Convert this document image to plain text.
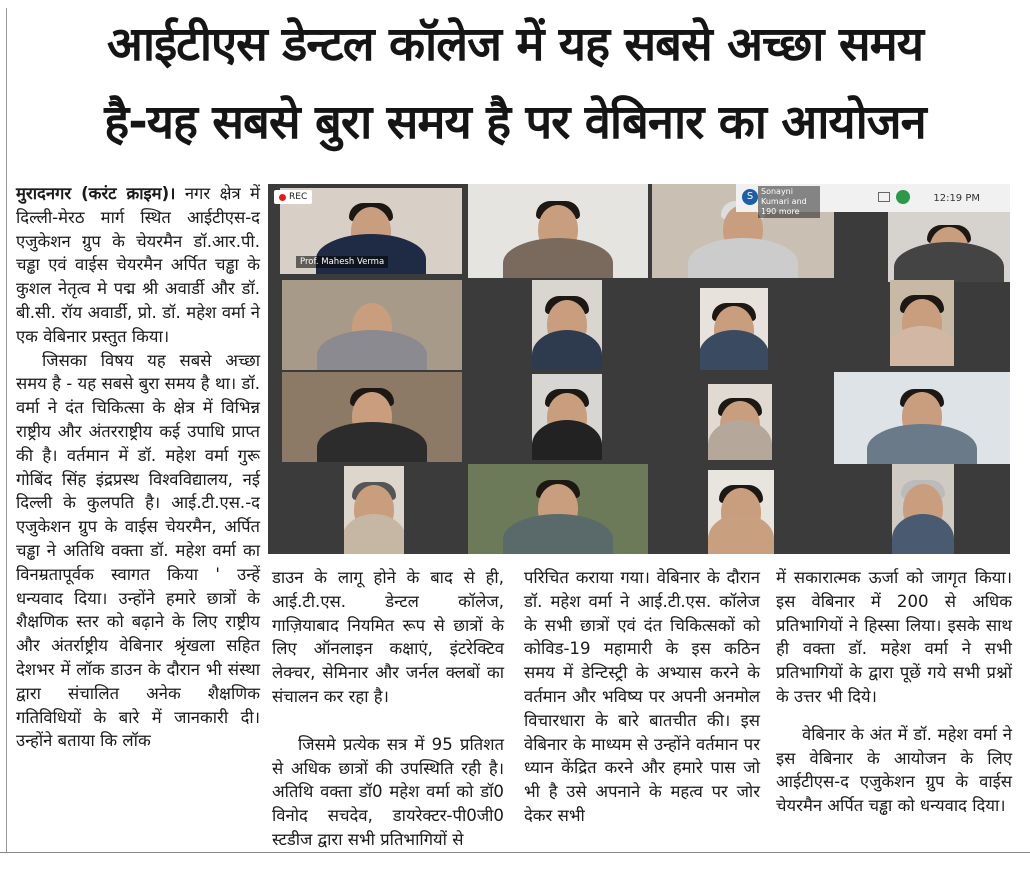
आईटीएस डेन्टल कॉलेज में यह सबसे अच्छा समय
है-यह सबसे बुरा समय है पर वेबिनार का आयोजन

मुरादनगर (करंट क्राइम)। नगर क्षेत्र में दिल्ली-मेरठ मार्ग स्थित आईटीएस-द एजुकेशन ग्रुप के चेयरमैन डॉ.आर.पी. चड्ढा एवं वाईस चेयरमैन अर्पित चड्ढा के कुशल नेतृत्व मे पद्म श्री अवार्डी और डॉ. बी.सी. रॉय अवार्डी, प्रो. डॉ. महेश वर्मा ने एक वेबिनार प्रस्तुत किया।

जिसका विषय यह सबसे अच्छा समय है - यह सबसे बुरा समय है था। डॉ. वर्मा ने दंत चिकित्सा के क्षेत्र में विभिन्न राष्ट्रीय और अंतरराष्ट्रीय कई उपाधि प्राप्त की है। वर्तमान में डॉ. महेश वर्मा गुरू गोबिंद सिंह इंद्रप्रस्थ विश्वविद्यालय, नई दिल्ली के कुलपति है। आई.टी.एस.-द एजुकेशन ग्रुप के वाईस चेयरमैन, अर्पित चड्ढा ने अतिथि वक्ता डॉ. महेश वर्मा का विनम्रतापूर्वक स्वागत किया ' उन्हें धन्यवाद दिया। उन्होंने हमारे छात्रों के शैक्षणिक स्तर को बढ़ाने के लिए राष्ट्रीय और अंतर्राष्ट्रीय वेबिनार श्रृंखला सहित देशभर में लॉक डाउन के दौरान भी संस्था द्वारा संचालित अनेक शैक्षणिक गतिविधियों के बारे में जानकारी दी। उन्होंने बताया कि लॉक

Prof. Mahesh Verma
REC	12:19 PM
S Sonayni Kumari and 190 more

डाउन के लागू होने के बाद से ही, आई.टी.एस. डेन्टल कॉलेज, गाज़ियाबाद नियमित रूप से छात्रों के लिए ऑनलाइन कक्षाएं, इंटरेक्टिव लेक्चर, सेमिनार और जर्नल क्लबों का संचालन कर रहा है।

जिसमे प्रत्येक सत्र में 95 प्रतिशत से अधिक छात्रों की उपस्थिति रही है। अतिथि वक्ता डॉ0 महेश वर्मा को डॉ0 विनोद सचदेव, डायरेक्टर-पी0जी0 स्टडीज द्वारा सभी प्रतिभागियों से

परिचित कराया गया। वेबिनार के दौरान डॉ. महेश वर्मा ने आई.टी.एस. कॉलेज के सभी छात्रों एवं दंत चिकित्सकों को कोविड-19 महामारी के इस कठिन समय में डेन्टिस्ट्री के अभ्यास करने के वर्तमान और भविष्य पर अपनी अनमोल विचारधारा के बारे बातचीत की। इस वेबिनार के माध्यम से उन्होंने वर्तमान पर ध्यान केंद्रित करने और हमारे पास जो भी है उसे अपनाने के महत्व पर जोर देकर सभी

में सकारात्मक ऊर्जा को जागृत किया। इस वेबिनार में 200 से अधिक प्रतिभागियों ने हिस्सा लिया। इसके साथ ही वक्ता डॉ. महेश वर्मा ने सभी प्रतिभागियों के द्वारा पूछें गये सभी प्रश्नों के उत्तर भी दिये।

वेबिनार के अंत में डॉ. महेश वर्मा ने इस वेबिनार के आयोजन के लिए आईटीएस-द एजुकेशन ग्रुप के वाईस चेयरमैन अर्पित चड्ढा को धन्यवाद दिया।
